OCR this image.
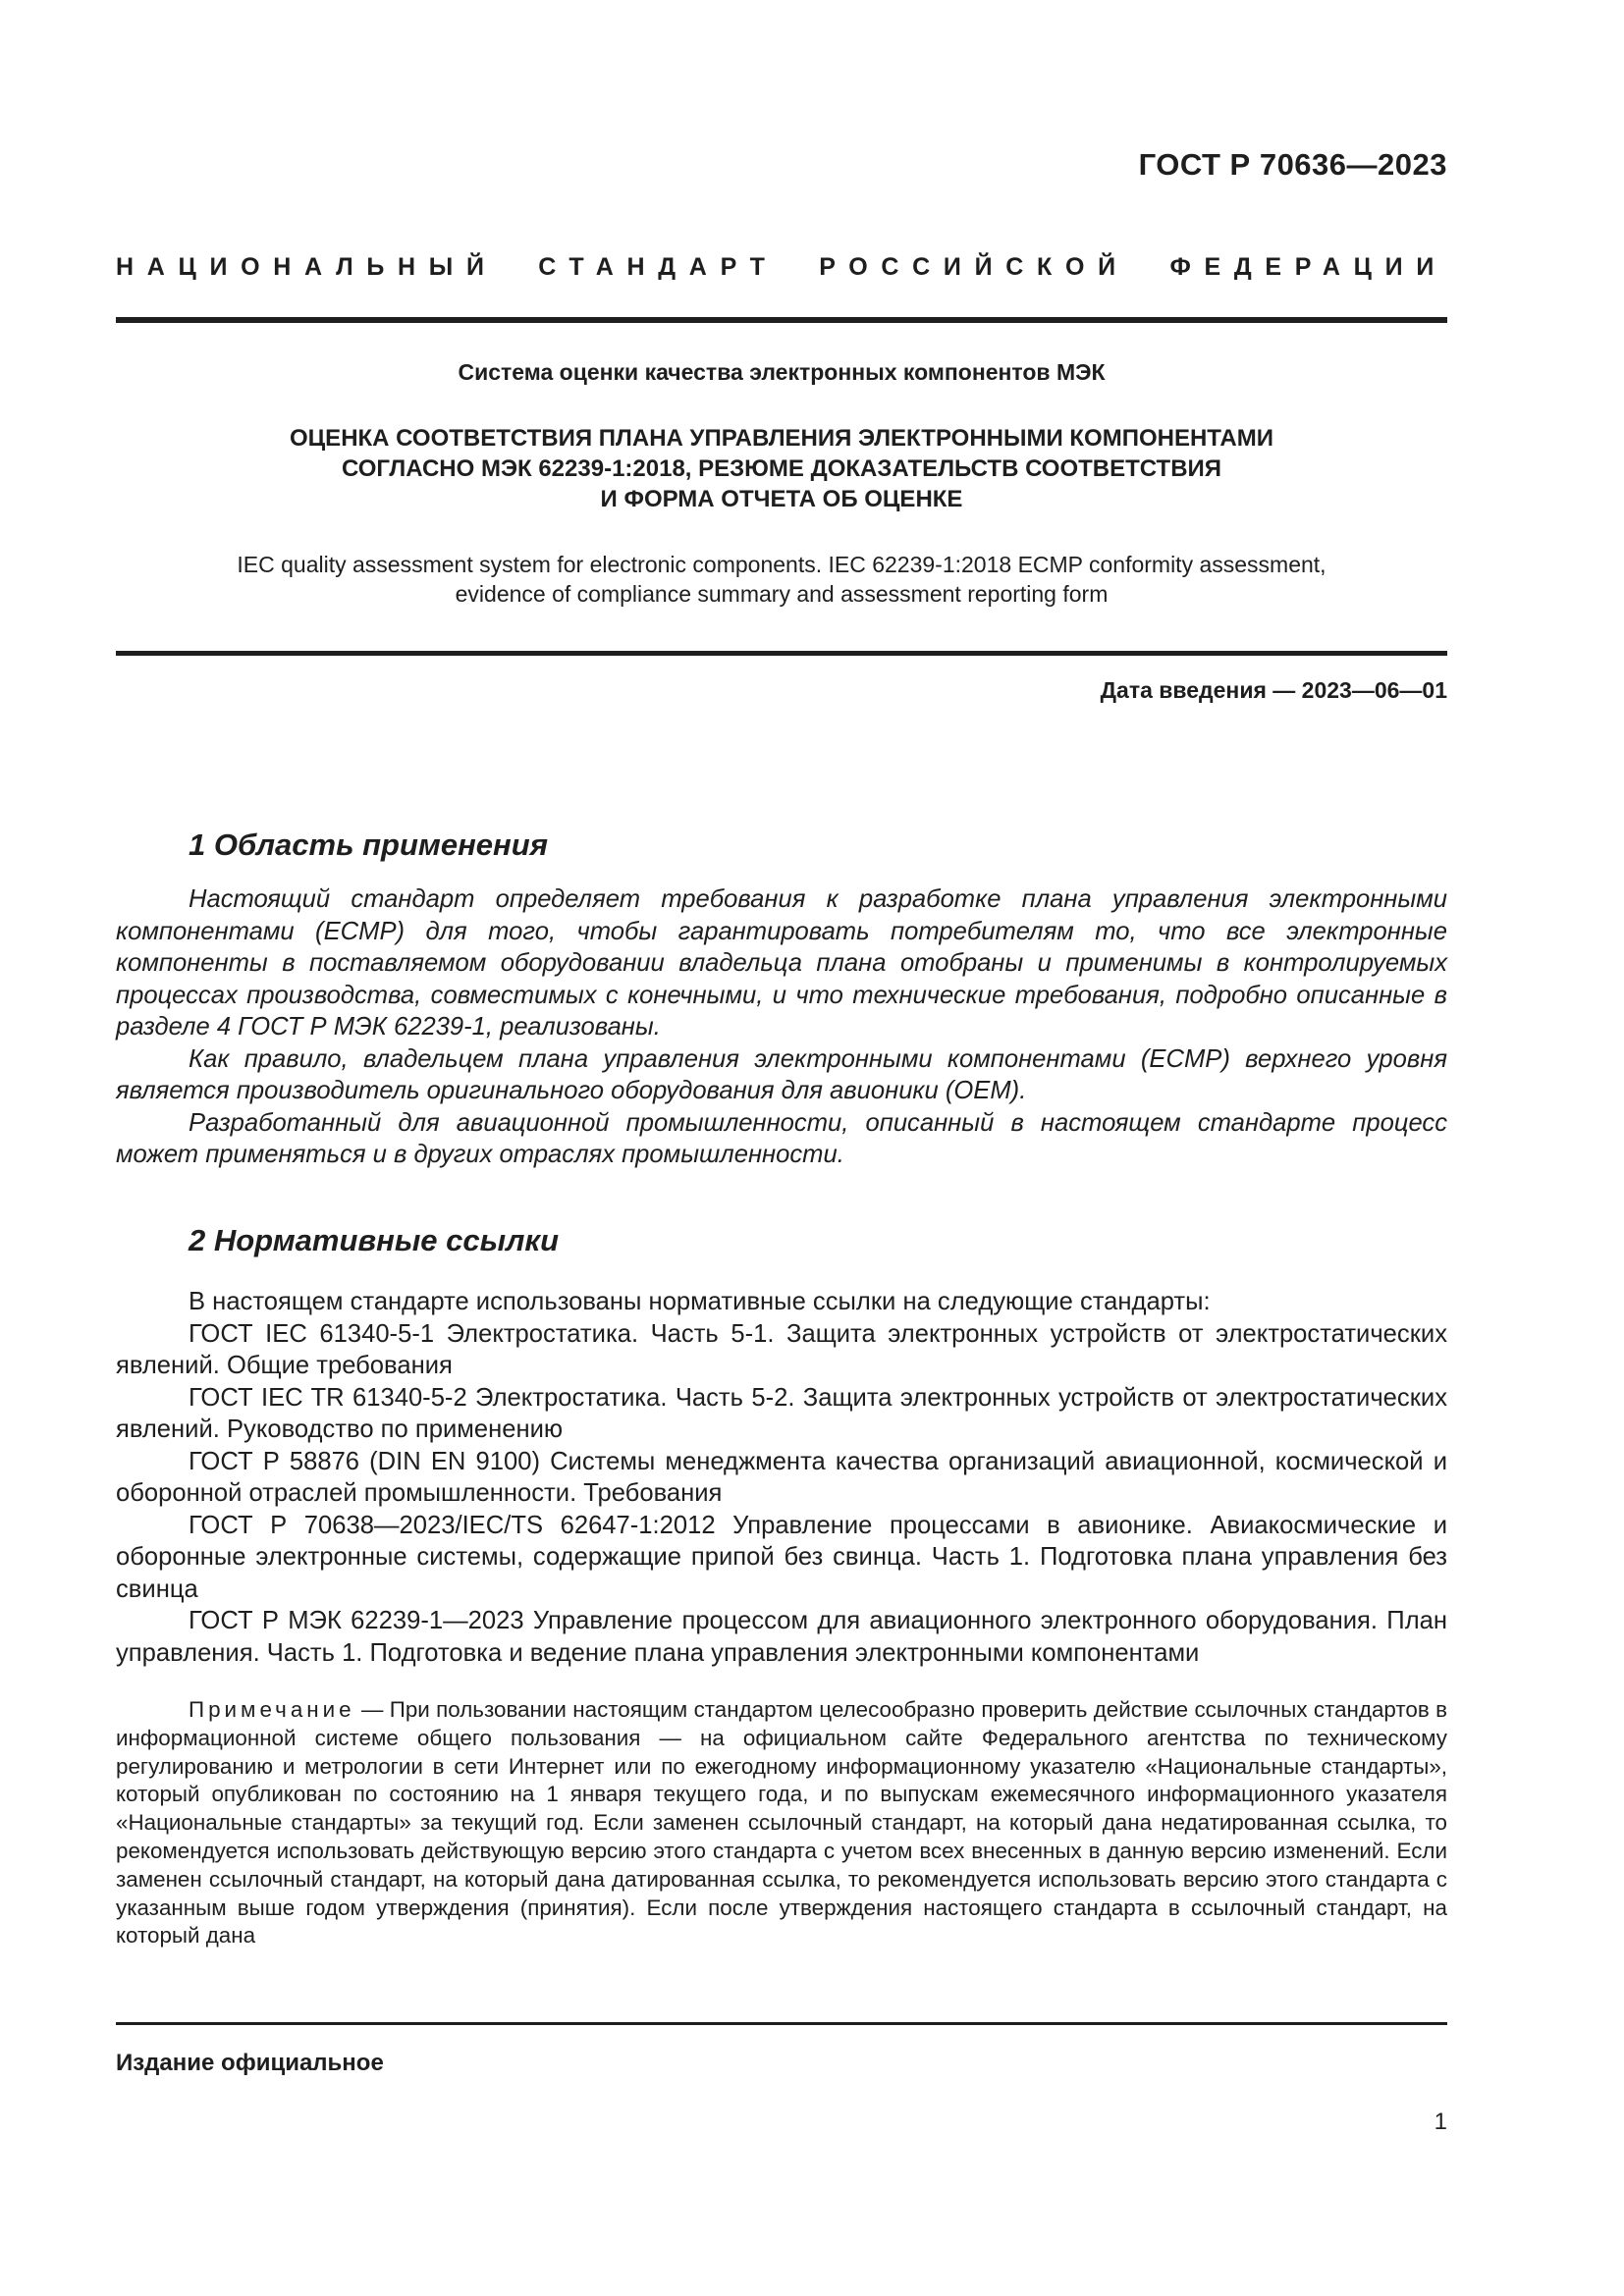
ГОСТ Р 70636—2023
НАЦИОНАЛЬНЫЙ СТАНДАРТ РОССИЙСКОЙ ФЕДЕРАЦИИ
Система оценки качества электронных компонентов МЭК
ОЦЕНКА СООТВЕТСТВИЯ ПЛАНА УПРАВЛЕНИЯ ЭЛЕКТРОННЫМИ КОМПОНЕНТАМИ
СОГЛАСНО МЭК 62239-1:2018, РЕЗЮМЕ ДОКАЗАТЕЛЬСТВ СООТВЕТСТВИЯ
И ФОРМА ОТЧЕТА ОБ ОЦЕНКЕ
IEC quality assessment system for electronic components. IEC 62239-1:2018 ECMP conformity assessment,
evidence of compliance summary and assessment reporting form
Дата введения — 2023—06—01
1 Область применения

Настоящий стандарт определяет требования к разработке плана управления электронными компонентами (ECMP) для того, чтобы гарантировать потребителям то, что все электронные компоненты в поставляемом оборудовании владельца плана отобраны и применимы в контролируемых процессах производства, совместимых с конечными, и что технические требования, подробно описанные в разделе 4 ГОСТ Р МЭК 62239-1, реализованы.

Как правило, владельцем плана управления электронными компонентами (ECMP) верхнего уровня является производитель оригинального оборудования для авионики (OEM).

Разработанный для авиационной промышленности, описанный в настоящем стандарте процесс может применяться и в других отраслях промышленности.

2 Нормативные ссылки

В настоящем стандарте использованы нормативные ссылки на следующие стандарты:

ГОСТ IEC 61340-5-1 Электростатика. Часть 5-1. Защита электронных устройств от электростатических явлений. Общие требования

ГОСТ IEC TR 61340-5-2 Электростатика. Часть 5-2. Защита электронных устройств от электростатических явлений. Руководство по применению

ГОСТ Р 58876 (DIN EN 9100) Системы менеджмента качества организаций авиационной, космической и оборонной отраслей промышленности. Требования

ГОСТ Р 70638—2023/IEC/TS 62647-1:2012 Управление процессами в авионике. Авиакосмические и оборонные электронные системы, содержащие припой без свинца. Часть 1. Подготовка плана управления без свинца

ГОСТ Р МЭК 62239-1—2023 Управление процессом для авиационного электронного оборудования. План управления. Часть 1. Подготовка и ведение плана управления электронными компонентами

Примечание — При пользовании настоящим стандартом целесообразно проверить действие ссылочных стандартов в информационной системе общего пользования — на официальном сайте Федерального агентства по техническому регулированию и метрологии в сети Интернет или по ежегодному информационному указателю «Национальные стандарты», который опубликован по состоянию на 1 января текущего года, и по выпускам ежемесячного информационного указателя «Национальные стандарты» за текущий год. Если заменен ссылочный стандарт, на который дана недатированная ссылка, то рекомендуется использовать действующую версию этого стандарта с учетом всех внесенных в данную версию изменений. Если заменен ссылочный стандарт, на который дана датированная ссылка, то рекомендуется использовать версию этого стандарта с указанным выше годом утверждения (принятия). Если после утверждения настоящего стандарта в ссылочный стандарт, на который дана
Издание официальное
1
